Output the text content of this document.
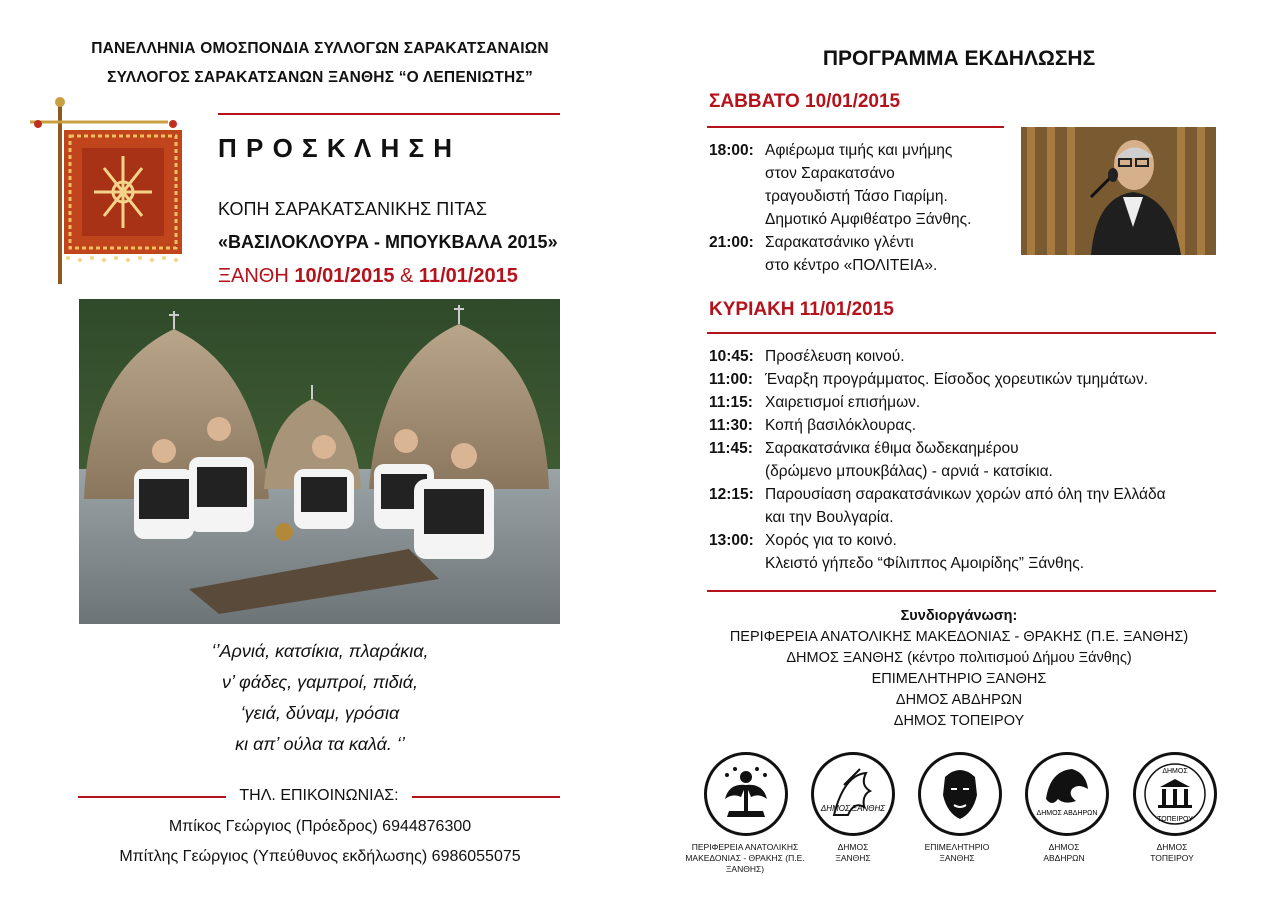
ΠΑΝΕΛΛΗΝΙΑ ΟΜΟΣΠΟΝΔΙΑ ΣΥΛΛΟΓΩΝ ΣΑΡΑΚΑΤΣΑΝΑΙΩΝ
ΣΥΛΛΟΓΟΣ ΣΑΡΑΚΑΤΣΑΝΩΝ ΞΑΝΘΗΣ “Ο ΛΕΠΕΝΙΩΤΗΣ”
Π Ρ Ο Σ Κ Λ Η Σ Η
ΚΟΠΗ ΣΑΡΑΚΑΤΣΑΝΙΚΗΣ ΠΙΤΑΣ
«ΒΑΣΙΛΟΚΛΟΥΡΑ - ΜΠΟΥΚΒΑΛΑ 2015»
ΞΑΝΘΗ 10/01/2015 & 11/01/2015
‘’Αρνιά, κατσίκια, πλαράκια,
ν’ φάδες, γαμπροί, πιδιά,
‘γειά, δύναμ, γρόσια
κι απ’ ούλα τα καλά. ‘’
ΤΗΛ. ΕΠΙΚΟΙΝΩΝΙΑΣ:
Μπίκος Γεώργιος (Πρόεδρος) 6944876300
Μπίτλης Γεώργιος (Υπεύθυνος εκδήλωσης) 6986055075
ΠΡΟΓΡΑΜΜΑ ΕΚΔΗΛΩΣΗΣ
ΣΑΒΒΑΤΟ 10/01/2015
18:00: Αφιέρωμα τιμής και μνήμης
στον Σαρακατσάνο
τραγουδιστή Τάσο Γιαρίμη.
Δημοτικό Αμφιθέατρο Ξάνθης.
21:00: Σαρακατσάνικο γλέντι
στο κέντρο «ΠΟΛΙΤΕΙΑ».
ΚΥΡΙΑΚΗ 11/01/2015
10:45: Προσέλευση κοινού.
11:00: Έναρξη προγράμματος. Είσοδος χορευτικών τμημάτων.
11:15: Χαιρετισμοί επισήμων.
11:30: Κοπή βασιλόκλουρας.
11:45: Σαρακατσάνικα έθιμα δωδεκαημέρου
(δρώμενο μπουκβάλας) - αρνιά - κατσίκια.
12:15: Παρουσίαση σαρακατσάνικων χορών από όλη την Ελλάδα
και την Βουλγαρία.
13:00: Χορός για το κοινό.
Κλειστό γήπεδο “Φίλιππος Αμοιρίδης” Ξάνθης.
Συνδιοργάνωση:
ΠΕΡΙΦΕΡΕΙΑ ΑΝΑΤΟΛΙΚΗΣ ΜΑΚΕΔΟΝΙΑΣ - ΘΡΑΚΗΣ (Π.Ε. ΞΑΝΘΗΣ)
ΔΗΜΟΣ ΞΑΝΘΗΣ (κέντρο πολιτισμού Δήμου Ξάνθης)
ΕΠΙΜΕΛΗΤΗΡΙΟ ΞΑΝΘΗΣ
ΔΗΜΟΣ ΑΒΔΗΡΩΝ
ΔΗΜΟΣ ΤΟΠΕΙΡΟΥ
ΠΕΡΙΦΕΡΕΙΑ ΑΝΑΤΟΛΙΚΗΣ
ΜΑΚΕΔΟΝΙΑΣ - ΘΡΑΚΗΣ (Π.Ε. ΞΑΝΘΗΣ)
ΔΗΜΟΣ ΞΑΝΘΗΣ
ΔΗΜΟΣ
ΞΑΝΘΗΣ
ΕΠΙΜΕΛΗΤΗΡΙΟ
ΞΑΝΘΗΣ
ΔΗΜΟΣ ΑΒΔΗΡΩΝ
ΔΗΜΟΣ
ΑΒΔΗΡΩΝ
ΔΗΜΟΣ
ΤΟΠΕΙΡΟΥ
ΔΗΜΟΣ
ΤΟΠΕΙΡΟΥ
